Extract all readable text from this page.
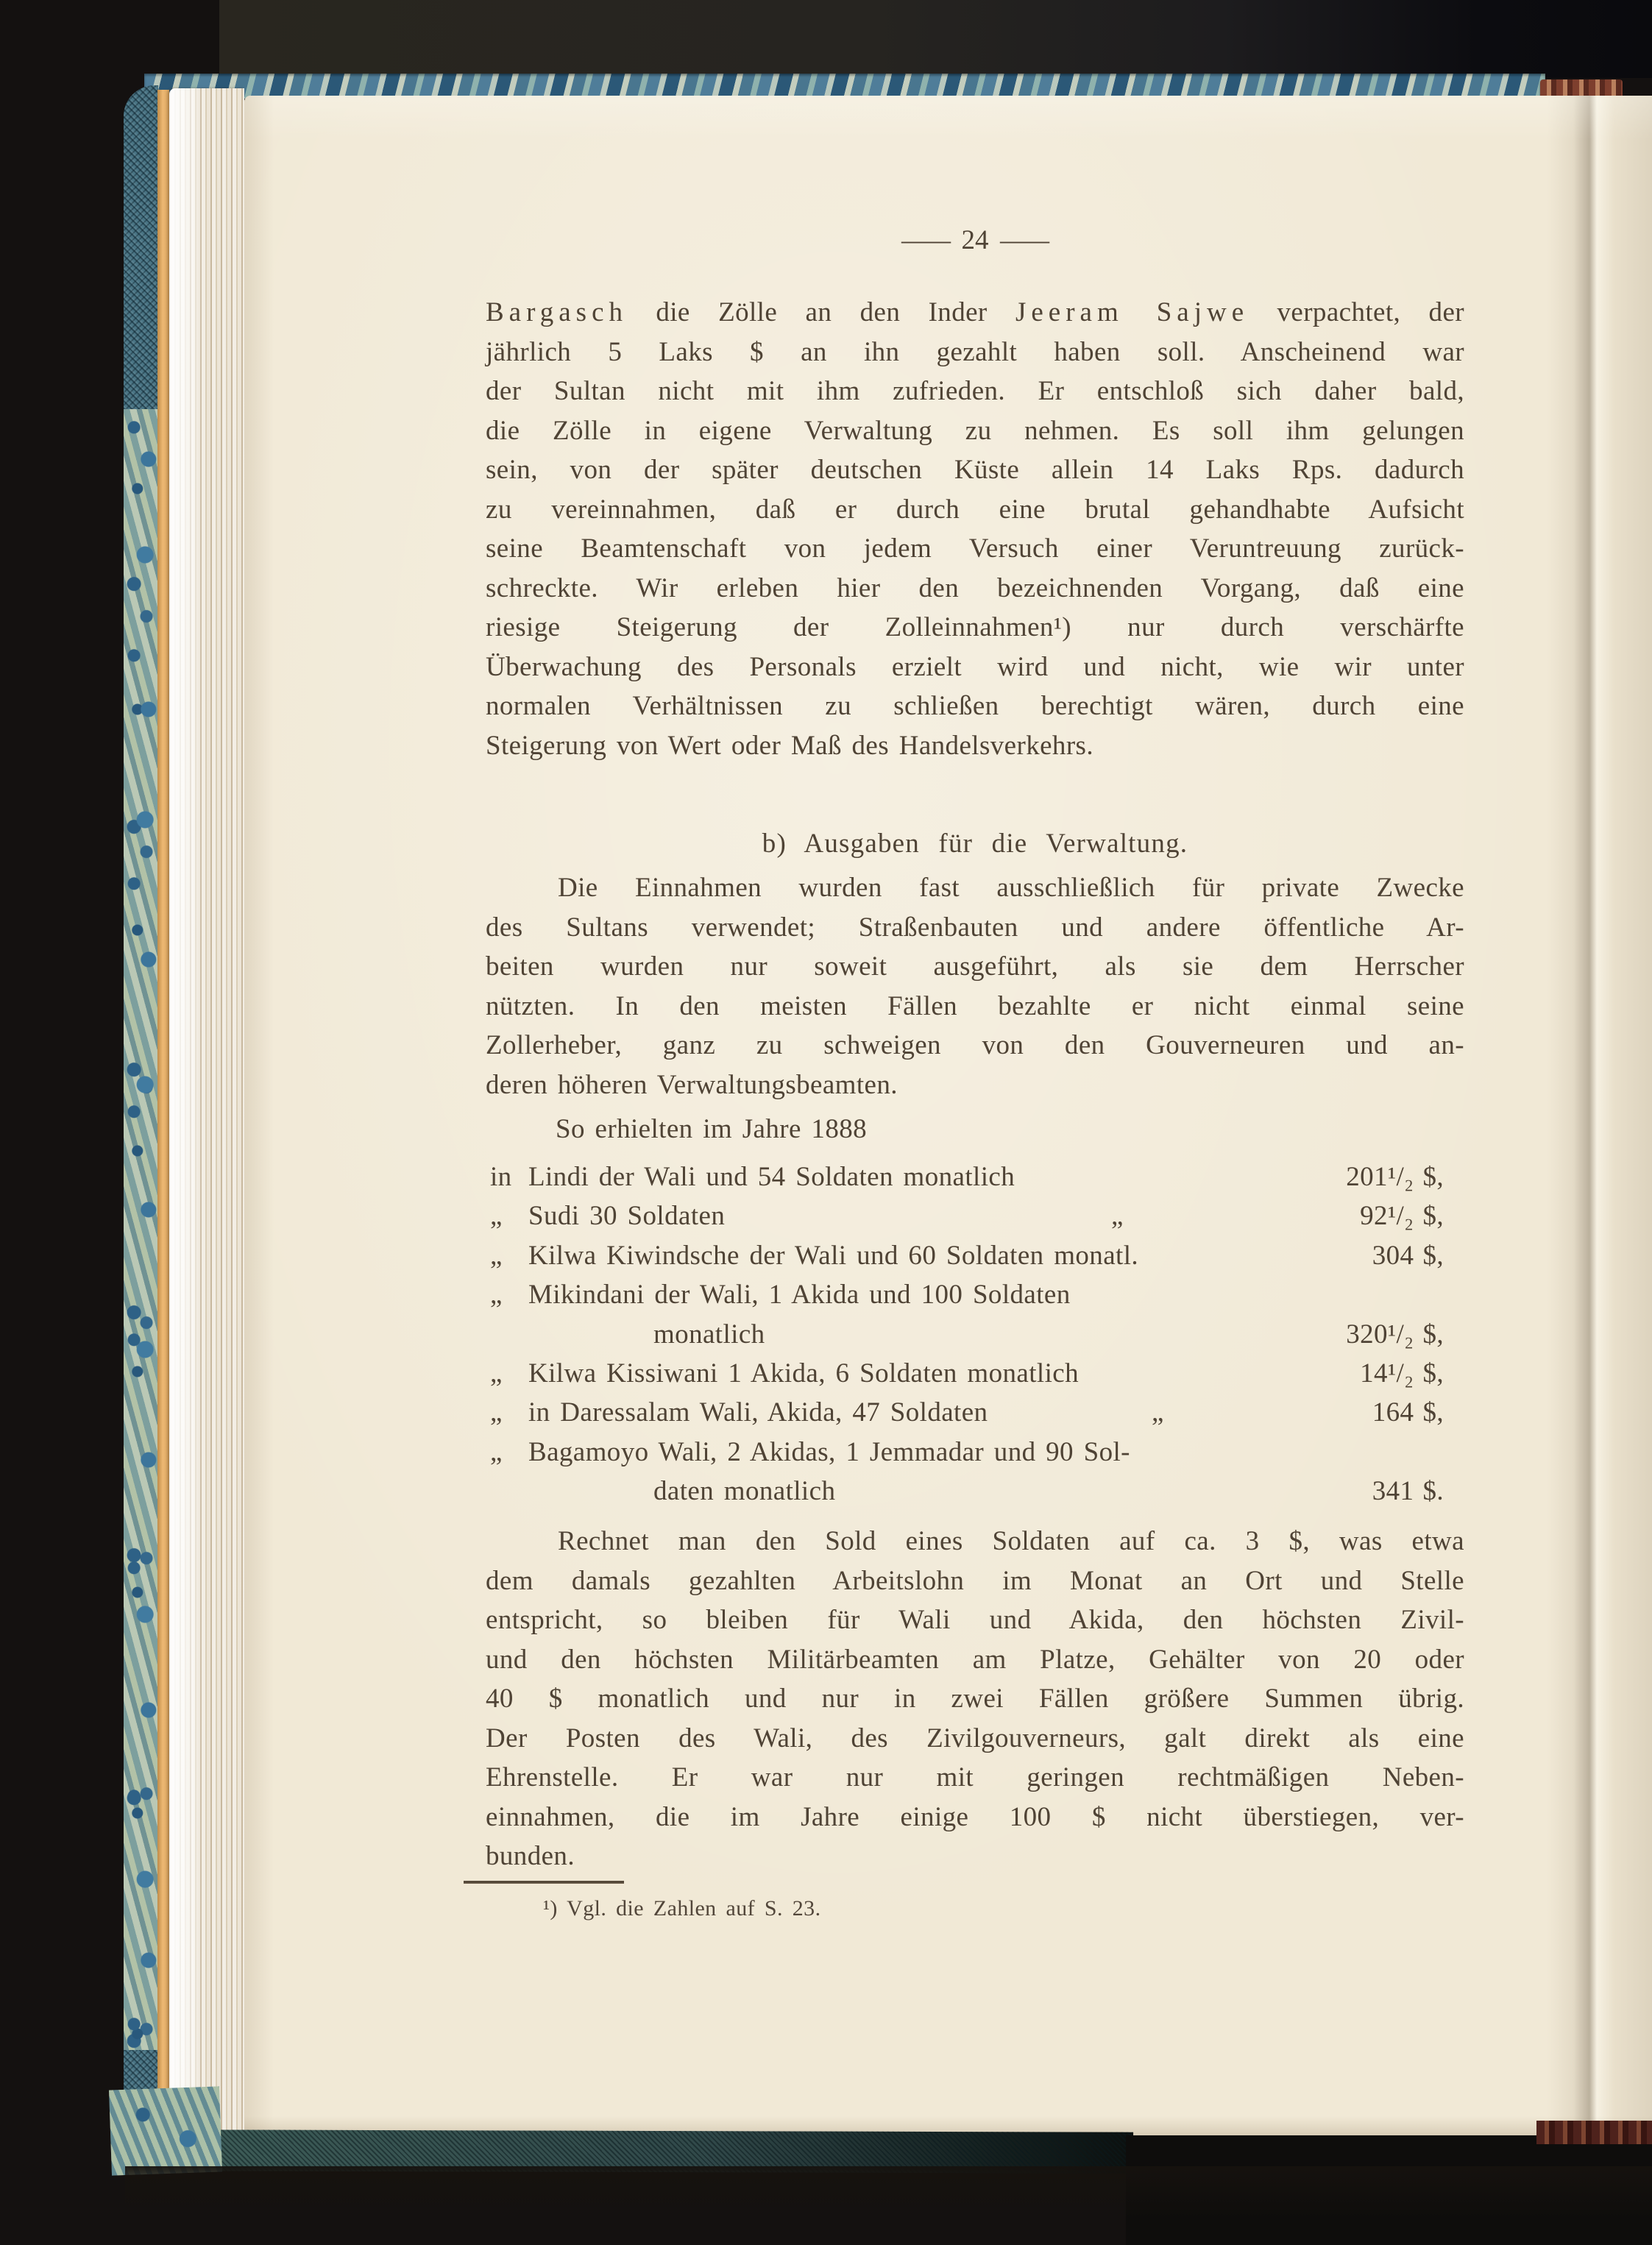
— 24 —
Bargasch die Zölle an den Inder Jeeram Sajwe verpachtet, der
jährlich 5 Laks $ an ihn gezahlt haben soll. Anscheinend war
der Sultan nicht mit ihm zufrieden. Er entschloß sich daher bald,
die Zölle in eigene Verwaltung zu nehmen. Es soll ihm gelungen
sein, von der später deutschen Küste allein 14 Laks Rps. dadurch
zu vereinnahmen, daß er durch eine brutal gehandhabte Aufsicht
seine Beamtenschaft von jedem Versuch einer Veruntreuung zurück-
schreckte. Wir erleben hier den bezeichnenden Vorgang, daß eine
riesige Steigerung der Zolleinnahmen¹) nur durch verschärfte
Überwachung des Personals erzielt wird und nicht, wie wir unter
normalen Verhältnissen zu schließen berechtigt wären, durch eine
Steigerung von Wert oder Maß des Handelsverkehrs.
b) Ausgaben für die Verwaltung.
Die Einnahmen wurden fast ausschließlich für private Zwecke
des Sultans verwendet; Straßenbauten und andere öffentliche Ar-
beiten wurden nur soweit ausgeführt, als sie dem Herrscher
nützten. In den meisten Fällen bezahlte er nicht einmal seine
Zollerheber, ganz zu schweigen von den Gouverneuren und an-
deren höheren Verwaltungsbeamten.
So erhielten im Jahre 1888
in Lindi der Wali und 54 Soldaten monatlich	201¹/₂ $,
„ Sudi 30 Soldaten	„	92¹/₂ $,
„ Kilwa Kiwindsche der Wali und 60 Soldaten monatl.	304 $,
„ Mikindani der Wali, 1 Akida und 100 Soldaten
monatlich	320¹/₂ $,
„ Kilwa Kissiwani 1 Akida, 6 Soldaten monatlich	14¹/₂ $,
„ in Daressalam Wali, Akida, 47 Soldaten	„	164 $,
„ Bagamoyo Wali, 2 Akidas, 1 Jemmadar und 90 Sol-
daten monatlich	341 $.
Rechnet man den Sold eines Soldaten auf ca. 3 $, was etwa
dem damals gezahlten Arbeitslohn im Monat an Ort und Stelle
entspricht, so bleiben für Wali und Akida, den höchsten Zivil-
und den höchsten Militärbeamten am Platze, Gehälter von 20 oder
40 $ monatlich und nur in zwei Fällen größere Summen übrig.
Der Posten des Wali, des Zivilgouverneurs, galt direkt als eine
Ehrenstelle. Er war nur mit geringen rechtmäßigen Neben-
einnahmen, die im Jahre einige 100 $ nicht überstiegen, ver-
bunden.
¹) Vgl. die Zahlen auf S. 23.
